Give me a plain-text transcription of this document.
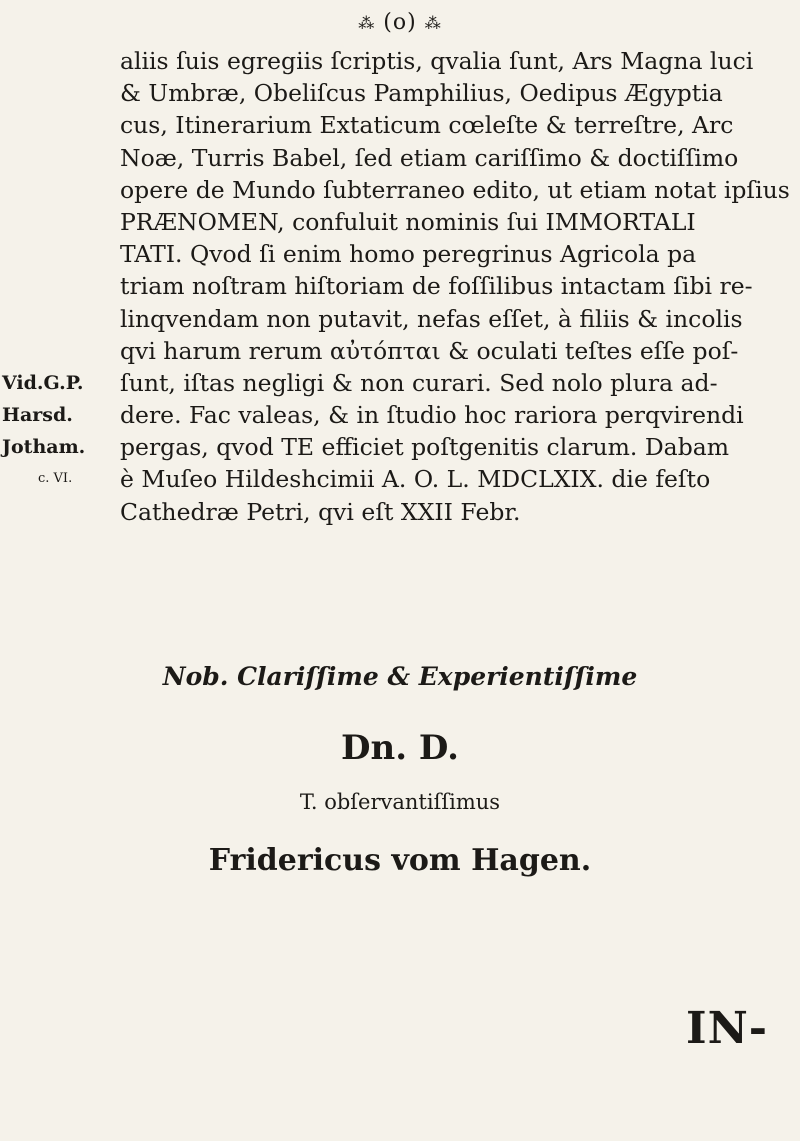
⁂ (o) ⁂
Vid.G.P.
Harsd.
Jotham.
c. VI.
aliis ſuis egregiis ſcriptis, qvalia ſunt, Ars Magna luci
& Umbræ, Obeliſcus Pamphilius, Oedipus Ægyptia
cus, Itinerarium Extaticum cœleſte & terreſtre, Arc
Noæ, Turris Babel, ſed etiam cariſſimo & doctiſſimo
opere de Mundo ſubterraneo edito, ut etiam notat ipſius
PRÆNOMEN, confuluit nominis ſui IMMORTALI
TATI. Qvod ſi enim homo peregrinus Agricola pa
triam noſtram hiſtoriam de foſſilibus intactam ſibi re-
linqvendam non putavit, nefas eſſet, à filiis & incolis
qvi harum rerum αὐτόπται & oculati teſtes eſſe poſ-
ſunt, iſtas negligi & non curari. Sed nolo plura ad-
dere. Fac valeas, & in ſtudio hoc rariora perqvirendi
pergas, qvod TE efficiet poſtgenitis clarum. Dabam
è Muſeo Hildeshcimii A. O. L. MDCLXIX. die feſto
Cathedræ Petri, qvi eſt XXII Febr.
Nob. Clariſſime & Experientiſſime
Dn. D.
T. obſervantiſſimus
Fridericus vom Hagen.
IN-
